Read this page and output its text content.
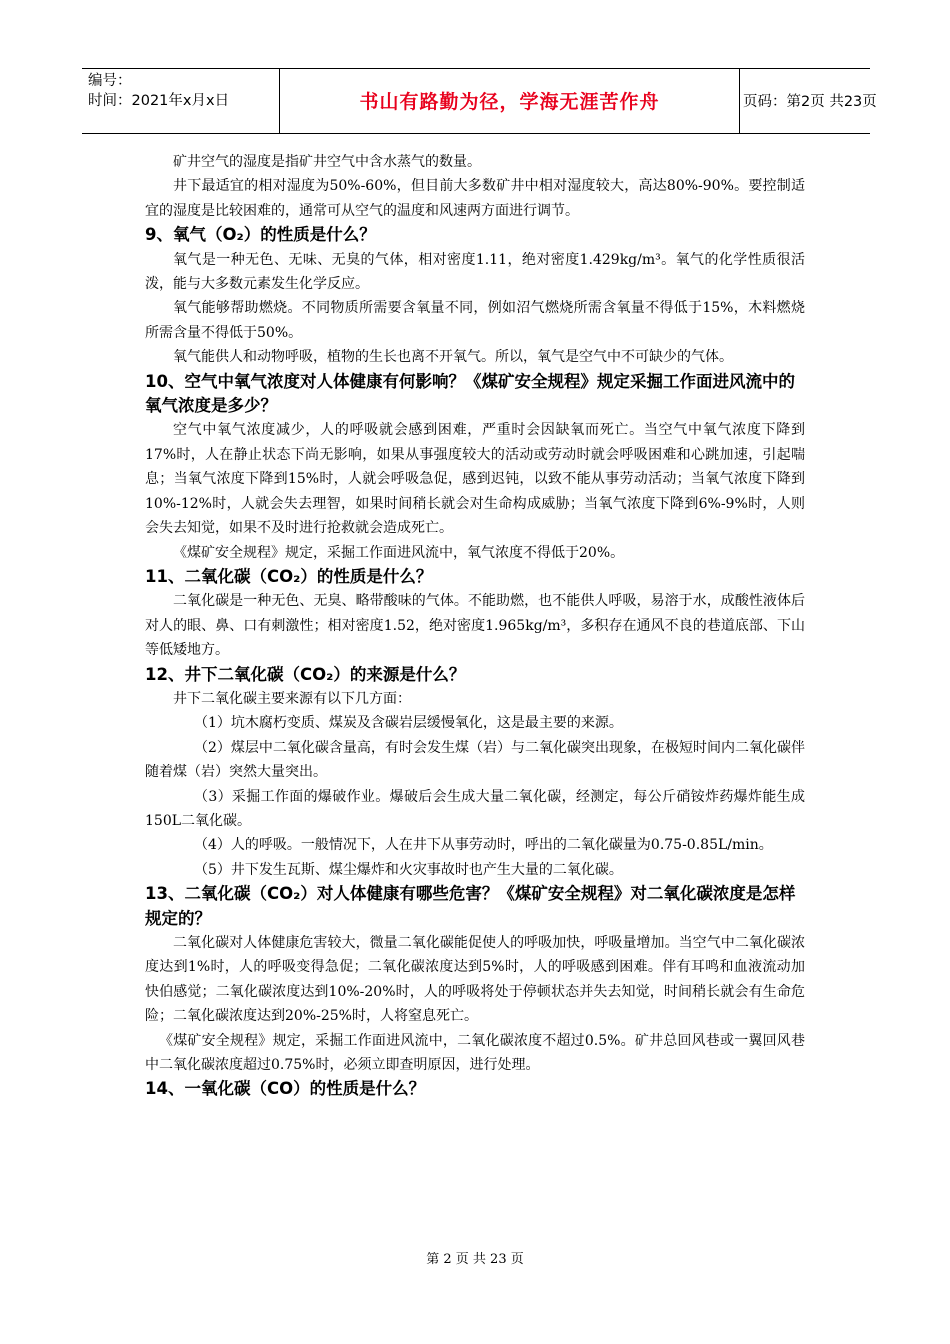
编号：
时间：2021年x月x日	书山有路勤为径，学海无涯苦作舟	页码：第2页 共23页

矿井空气的湿度是指矿井空气中含水蒸气的数量。

井下最适宜的相对湿度为50%-60%，但目前大多数矿井中相对湿度较大，高达80%-90%。要控制适宜的湿度是比较困难的，通常可从空气的温度和风速两方面进行调节。

9、氧气（O₂）的性质是什么？

氧气是一种无色、无味、无臭的气体，相对密度1.11，绝对密度1.429kg/m³。氧气的化学性质很活泼，能与大多数元素发生化学反应。

氧气能够帮助燃烧。不同物质所需要含氧量不同，例如沼气燃烧所需含氧量不得低于15%，木料燃烧所需含量不得低于50%。

氧气能供人和动物呼吸，植物的生长也离不开氧气。所以，氧气是空气中不可缺少的气体。

10、空气中氧气浓度对人体健康有何影响？《煤矿安全规程》规定采掘工作面进风流中的氧气浓度是多少？

空气中氧气浓度减少，人的呼吸就会感到困难，严重时会因缺氧而死亡。当空气中氧气浓度下降到17%时，人在静止状态下尚无影响，如果从事强度较大的活动或劳动时就会呼吸困难和心跳加速，引起喘息；当氧气浓度下降到15%时，人就会呼吸急促，感到迟钝，以致不能从事劳动活动；当氧气浓度下降到10%-12%时，人就会失去理智，如果时间稍长就会对生命构成威胁；当氧气浓度下降到6%-9%时，人则会失去知觉，如果不及时进行抢救就会造成死亡。

《煤矿安全规程》规定，采掘工作面进风流中，氧气浓度不得低于20%。

11、二氧化碳（CO₂）的性质是什么？

二氧化碳是一种无色、无臭、略带酸味的气体。不能助燃，也不能供人呼吸，易溶于水，成酸性液体后对人的眼、鼻、口有刺激性；相对密度1.52，绝对密度1.965kg/m³，多积存在通风不良的巷道底部、下山等低矮地方。

12、井下二氧化碳（CO₂）的来源是什么？

井下二氧化碳主要来源有以下几方面：

（1）坑木腐朽变质、煤炭及含碳岩层缓慢氧化，这是最主要的来源。

（2）煤层中二氧化碳含量高，有时会发生煤（岩）与二氧化碳突出现象，在极短时间内二氧化碳伴随着煤（岩）突然大量突出。

（3）采掘工作面的爆破作业。爆破后会生成大量二氧化碳，经测定，每公斤硝铵炸药爆炸能生成150L二氧化碳。

（4）人的呼吸。一般情况下，人在井下从事劳动时，呼出的二氧化碳量为0.75-0.85L/min。

（5）井下发生瓦斯、煤尘爆炸和火灾事故时也产生大量的二氧化碳。

13、二氧化碳（CO₂）对人体健康有哪些危害？《煤矿安全规程》对二氧化碳浓度是怎样规定的？

二氧化碳对人体健康危害较大，微量二氧化碳能促使人的呼吸加快，呼吸量增加。当空气中二氧化碳浓度达到1%时，人的呼吸变得急促；二氧化碳浓度达到5%时，人的呼吸感到困难。伴有耳鸣和血液流动加快伯感觉；二氧化碳浓度达到10%-20%时，人的呼吸将处于停顿状态并失去知觉，时间稍长就会有生命危险；二氧化碳浓度达到20%-25%时，人将窒息死亡。

《煤矿安全规程》规定，采掘工作面进风流中，二氧化碳浓度不超过0.5%。矿井总回风巷或一翼回风巷中二氧化碳浓度超过0.75%时，必须立即查明原因，进行处理。

14、一氧化碳（CO）的性质是什么？
第 2 页 共 23 页
